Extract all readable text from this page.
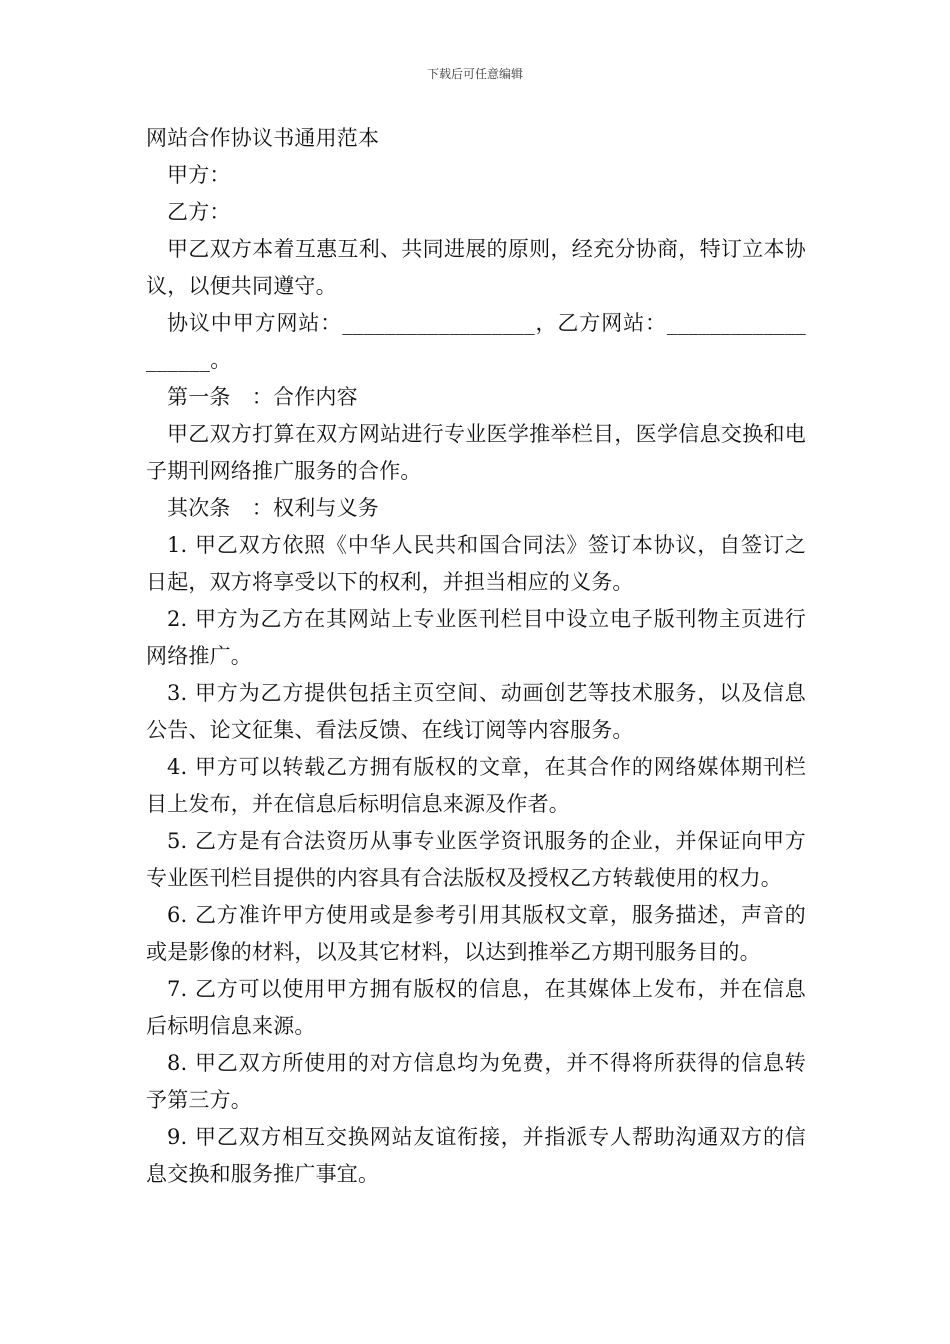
下载后可任意编辑

网站合作协议书通用范本

甲方：

乙方：

甲乙双方本着互惠互利、共同进展的原则，经充分协商，特订立本协议，以便共同遵守。

协议中甲方网站：__________________，乙方网站：___________________。

第一条　：合作内容

甲乙双方打算在双方网站进行专业医学推举栏目，医学信息交换和电子期刊网络推广服务的合作。

其次条　：权利与义务

1. 甲乙双方依照《中华人民共和国合同法》签订本协议，自签订之日起，双方将享受以下的权利，并担当相应的义务。

2. 甲方为乙方在其网站上专业医刊栏目中设立电子版刊物主页进行网络推广。

3. 甲方为乙方提供包括主页空间、动画创艺等技术服务，以及信息公告、论文征集、看法反馈、在线订阅等内容服务。

4. 甲方可以转载乙方拥有版权的文章，在其合作的网络媒体期刊栏目上发布，并在信息后标明信息来源及作者。

5. 乙方是有合法资历从事专业医学资讯服务的企业，并保证向甲方专业医刊栏目提供的内容具有合法版权及授权乙方转载使用的权力。

6. 乙方准许甲方使用或是参考引用其版权文章，服务描述，声音的或是影像的材料，以及其它材料，以达到推举乙方期刊服务目的。

7. 乙方可以使用甲方拥有版权的信息，在其媒体上发布，并在信息后标明信息来源。

8. 甲乙双方所使用的对方信息均为免费，并不得将所获得的信息转予第三方。

9. 甲乙双方相互交换网站友谊衔接，并指派专人帮助沟通双方的信息交换和服务推广事宜。
